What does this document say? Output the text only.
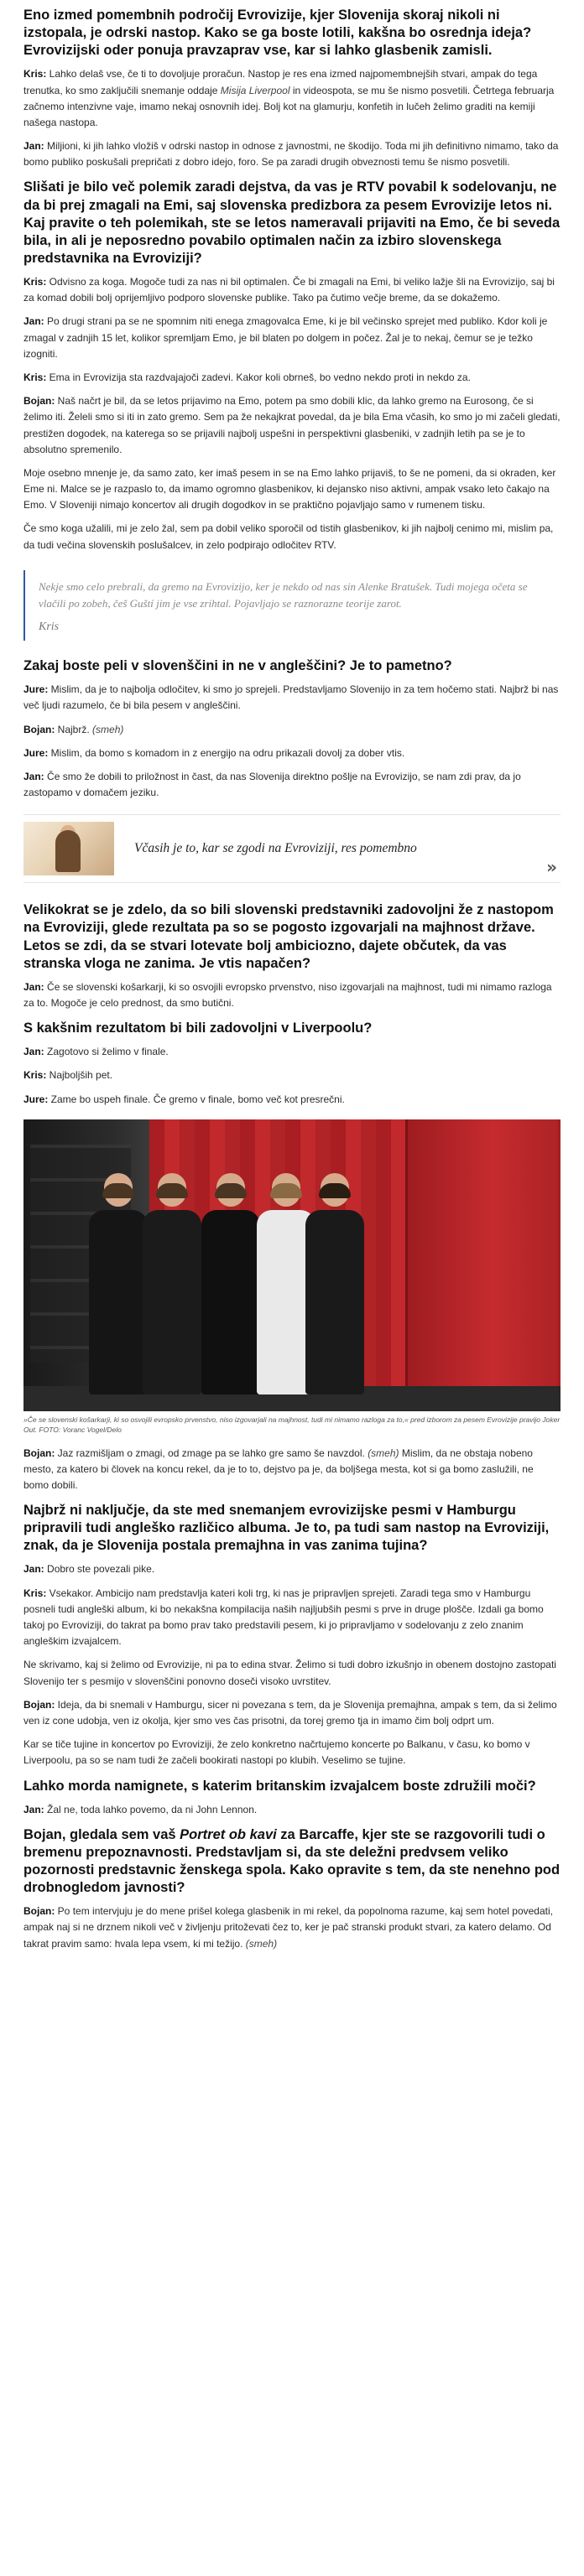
Eno izmed pomembnih področij Evrovizije, kjer Slovenija skoraj nikoli ni izstopala, je odrski nastop. Kako se ga boste lotili, kakšna bo osrednja ideja? Evrovizijski oder ponuja pravzaprav vse, kar si lahko glasbenik zamisli.

Kris: Lahko delaš vse, če ti to dovoljuje proračun. Nastop je res ena izmed najpomembnejših stvari, ampak do tega trenutka, ko smo zaključili snemanje oddaje Misija Liverpool in videospota, se mu še nismo posvetili. Četrtega februarja začnemo intenzivne vaje, imamo nekaj osnovnih idej. Bolj kot na glamurju, konfetih in lučeh želimo graditi na kemiji našega nastopa.

Jan: Miljioni, ki jih lahko vložiš v odrski nastop in odnose z javnostmi, ne škodijo. Toda mi jih definitivno nimamo, tako da bomo publiko poskušali prepričati z dobro idejo, foro. Se pa zaradi drugih obveznosti temu še nismo posvetili.

Slišati je bilo več polemik zaradi dejstva, da vas je RTV povabil k sodelovanju, ne da bi prej zmagali na Emi, saj slovenska predizbora za pesem Evrovizije letos ni. Kaj pravite o teh polemikah, ste se letos nameravali prijaviti na Emo, če bi seveda bila, in ali je neposredno povabilo optimalen način za izbiro slovenskega predstavnika na Evroviziji?

Kris: Odvisno za koga. Mogoče tudi za nas ni bil optimalen. Če bi zmagali na Emi, bi veliko lažje šli na Evrovizijo, saj bi za komad dobili bolj oprijemljivo podporo slovenske publike. Tako pa čutimo večje breme, da se dokažemo.

Jan: Po drugi strani pa se ne spomnim niti enega zmagovalca Eme, ki je bil večinsko sprejet med publiko. Kdor koli je zmagal v zadnjih 15 let, kolikor spremljam Emo, je bil blaten po dolgem in počez. Žal je to nekaj, čemur se je težko izogniti.

Kris: Ema in Evrovizija sta razdvajajoči zadevi. Kakor koli obrneš, bo vedno nekdo proti in nekdo za.

Bojan: Naš načrt je bil, da se letos prijavimo na Emo, potem pa smo dobili klic, da lahko gremo na Eurosong, če si želimo iti. Želeli smo si iti in zato gremo. Sem pa že nekajkrat povedal, da je bila Ema včasih, ko smo jo mi začeli gledati, prestižen dogodek, na katerega so se prijavili najbolj uspešni in perspektivni glasbeniki, v zadnjih letih pa se je to absolutno spremenilo.

Moje osebno mnenje je, da samo zato, ker imaš pesem in se na Emo lahko prijaviš, to še ne pomeni, da si okraden, ker Eme ni. Malce se je razpaslo to, da imamo ogromno glasbenikov, ki dejansko niso aktivni, ampak vsako leto čakajo na Emo. V Sloveniji nimajo koncertov ali drugih dogodkov in se praktično pojavljajo samo v rumenem tisku.

Če smo koga užalili, mi je zelo žal, sem pa dobil veliko sporočil od tistih glasbenikov, ki jih najbolj cenimo mi, mislim pa, da tudi večina slovenskih poslušalcev, in zelo podpirajo odločitev RTV.

Nekje smo celo prebrali, da gremo na Evrovizijo, ker je nekdo od nas sin Alenke Bratušek. Tudi mojega očeta se vlačili po zobeh, češ Guští jim je vse zrihtal. Pojavljajo se raznorazne teorije zarot.

Kris
Zakaj boste peli v slovenščini in ne v angleščini? Je to pametno?

Jure: Mislim, da je to najbolja odločitev, ki smo jo sprejeli. Predstavljamo Slovenijo in za tem hočemo stati. Najbrž bi nas več ljudi razumelo, če bi bila pesem v angleščini.

Bojan: Najbrž. (smeh)

Jure: Mislim, da bomo s komadom in z energijo na odru prikazali dovolj za dober vtis.

Jan: Če smo že dobili to priložnost in čast, da nas Slovenija direktno pošlje na Evrovizijo, se nam zdi prav, da jo zastopamo v domačem jeziku.

Včasih je to, kar se zgodi na Evroviziji, res pomembno
»
Velikokrat se je zdelo, da so bili slovenski predstavniki zadovoljni že z nastopom na Evroviziji, glede rezultata pa so se pogosto izgovarjali na majhnost države. Letos se zdi, da se stvari lotevate bolj ambiciozno, dajete občutek, da vas stranska vloga ne zanima. Je vtis napačen?

Jan: Če se slovenski košarkarji, ki so osvojili evropsko prvenstvo, niso izgovarjali na majhnost, tudi mi nimamo razloga za to. Mogoče je celo prednost, da smo butični.

S kakšnim rezultatom bi bili zadovoljni v Liverpoolu?

Jan: Zagotovo si želimo v finale.

Kris: Najboljših pet.

Jure: Zame bo uspeh finale. Če gremo v finale, bomo več kot presrečni.

»Če se slovenski košarkarji, ki so osvojili evropsko prvenstvo, niso izgovarjali na majhnost, tudi mi nimamo razloga za to,« pred izborom za pesem Evrovizije pravijo Joker Out. FOTO: Voranc Vogel/Delo

Bojan: Jaz razmišljam o zmagi, od zmage pa se lahko gre samo še navzdol. (smeh) Mislim, da ne obstaja nobeno mesto, za katero bi človek na koncu rekel, da je to to, dejstvo pa je, da boljšega mesta, kot si ga bomo zaslužili, ne bomo dobili.

Najbrž ni naključje, da ste med snemanjem evrovizijske pesmi v Hamburgu pripravili tudi angleško različico albuma. Je to, pa tudi sam nastop na Evroviziji, znak, da je Slovenija postala premajhna in vas zanima tujina?

Jan: Dobro ste povezali pike.

Kris: Vsekakor. Ambicijo nam predstavlja kateri koli trg, ki nas je pripravljen sprejeti. Zaradi tega smo v Hamburgu posneli tudi angleški album, ki bo nekakšna kompilacija naših najljubših pesmi s prve in druge plošče. Izdali ga bomo takoj po Evroviziji, do takrat pa bomo prav tako predstavili pesem, ki jo pripravljamo v sodelovanju z zelo znanim angleškim izvajalcem.

Ne skrivamo, kaj si želimo od Evrovizije, ni pa to edina stvar. Želimo si tudi dobro izkušnjo in obenem dostojno zastopati Slovenijo ter s pesmijo v slovenščini ponovno doseči visoko uvrstitev.

Bojan: Ideja, da bi snemali v Hamburgu, sicer ni povezana s tem, da je Slovenija premajhna, ampak s tem, da si želimo ven iz cone udobja, ven iz okolja, kjer smo ves čas prisotni, da torej gremo tja in imamo čim bolj odprt um.

Kar se tiče tujine in koncertov po Evroviziji, že zelo konkretno načrtujemo koncerte po Balkanu, v času, ko bomo v Liverpoolu, pa so se nam tudi že začeli bookirati nastopi po klubih. Veselimo se tujine.

Lahko morda namignete, s katerim britanskim izvajalcem boste združili moči?

Jan: Žal ne, toda lahko povemo, da ni John Lennon.

Bojan, gledala sem vaš Portret ob kavi za Barcaffe, kjer ste se razgovorili tudi o bremenu prepoznavnosti. Predstavljam si, da ste deležni predvsem veliko pozornosti predstavnic ženskega spola. Kako opravite s tem, da ste nenehno pod drobnogledom javnosti?

Bojan: Po tem intervjuju je do mene prišel kolega glasbenik in mi rekel, da popolnoma razume, kaj sem hotel povedati, ampak naj si ne drznem nikoli več v življenju pritoževati čez to, ker je pač stranski produkt stvari, za katero delamo. Od takrat pravim samo: hvala lepa vsem, ki mi težijo. (smeh)
